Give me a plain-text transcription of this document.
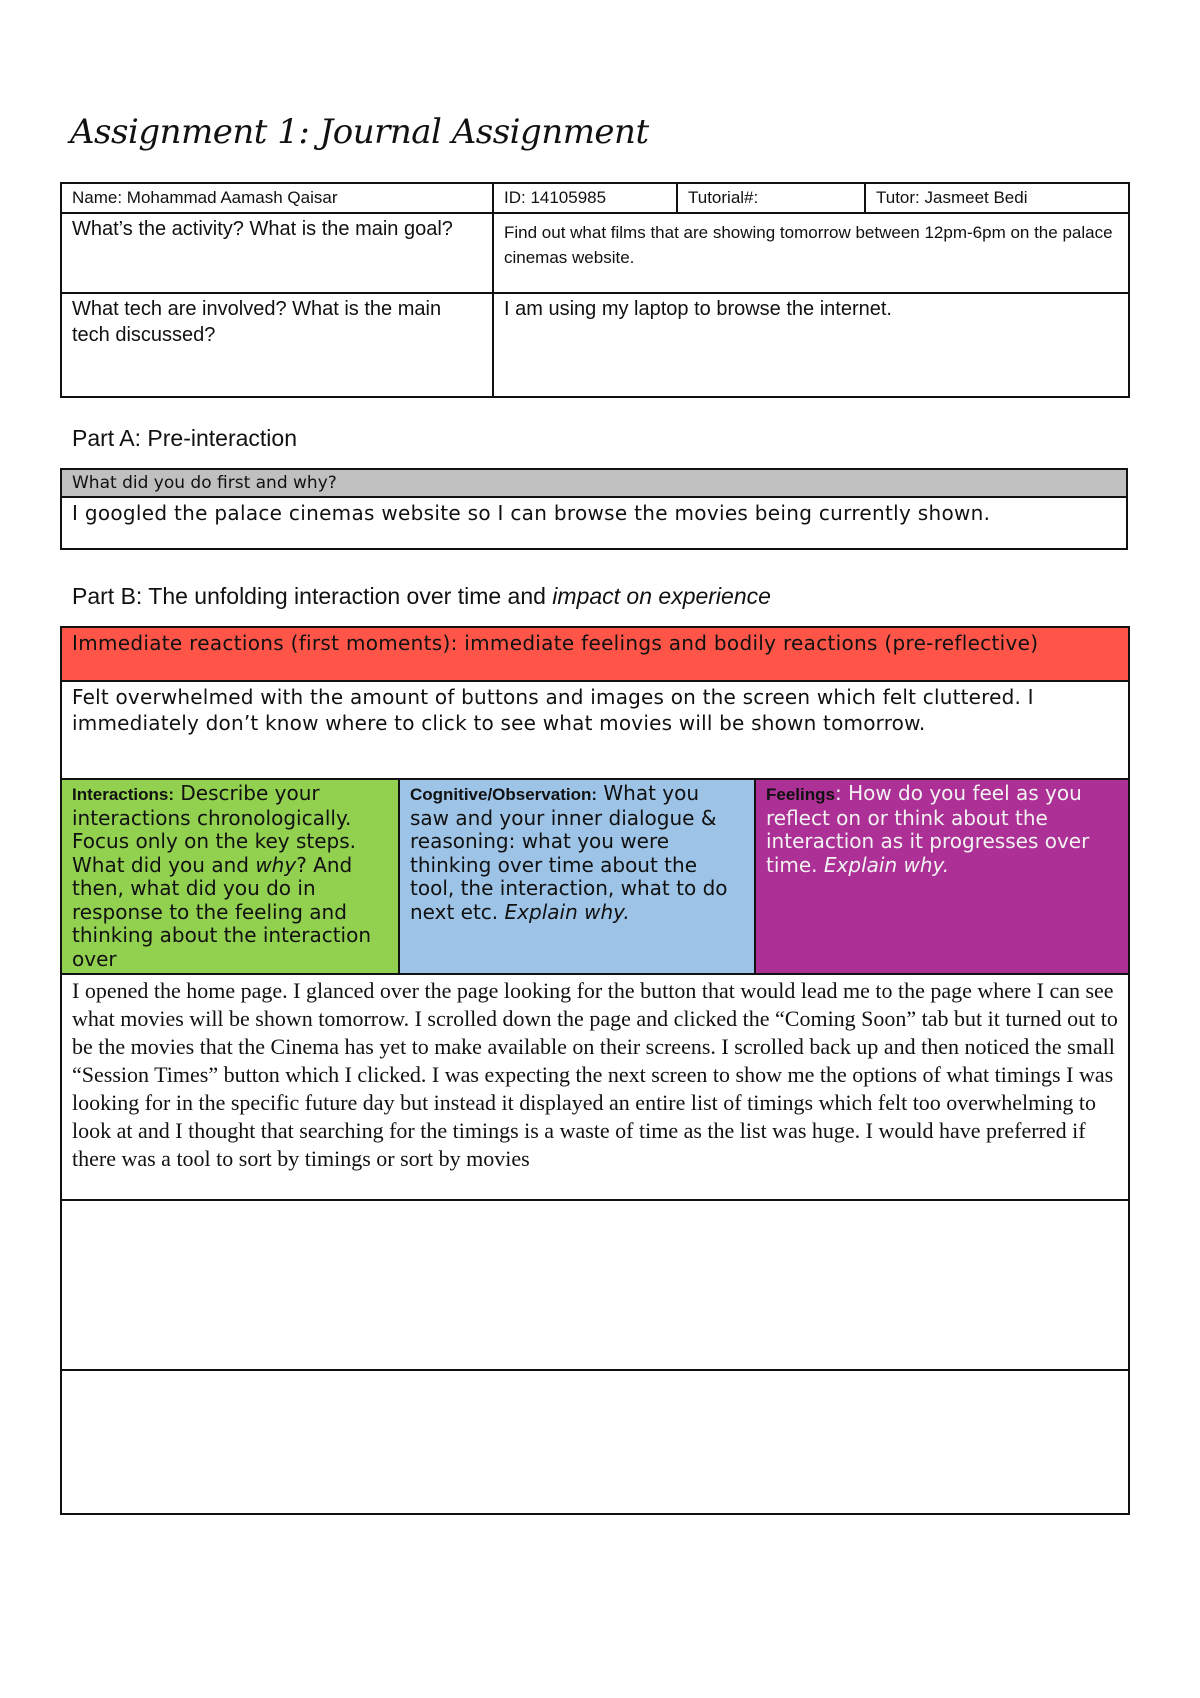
Assignment 1: Journal Assignment
Name: Mohammad Aamash Qaisar	ID: 14105985	Tutorial#:	Tutor: Jasmeet Bedi
What’s the activity? What is the main goal?	Find out what films that are showing tomorrow between 12pm-6pm on the palace cinemas website.		
What tech are involved? What is the main tech discussed?	I am using my laptop to browse the internet.		
Part A: Pre-interaction
What did you do first and why?
I googled the palace cinemas website so I can browse the movies being currently shown.
Part B: The unfolding interaction over time and impact on experience
Immediate reactions (first moments): immediate feelings and bodily reactions (pre-reflective)
Felt overwhelmed with the amount of buttons and images on the screen which felt cluttered. I immediately don’t know where to click to see what movies will be shown tomorrow.
Interactions: Describe your interactions chronologically. Focus only on the key steps. What did you and why? And then, what did you do in response to the feeling and thinking about the interaction over	Cognitive/Observation: What you saw and your inner dialogue & reasoning: what you were thinking over time about the tool, the interaction, what to do next etc. Explain why.	Feelings: How do you feel as you reflect on or think about the interaction as it progresses over time. Explain why.
I opened the home page. I glanced over the page looking for the button that would lead me to the page where I can see what movies will be shown tomorrow. I scrolled down the page and clicked the “Coming Soon” tab but it turned out to be the movies that the Cinema has yet to make available on their screens. I scrolled back up and then noticed the small “Session Times” button which I clicked. I was expecting the next screen to show me the options of what timings I was looking for in the specific future day but instead it displayed an entire list of timings which felt too overwhelming to look at and I thought that searching for the timings is a waste of time as the list was huge. I would have preferred if there was a tool to sort by timings or sort by movies
